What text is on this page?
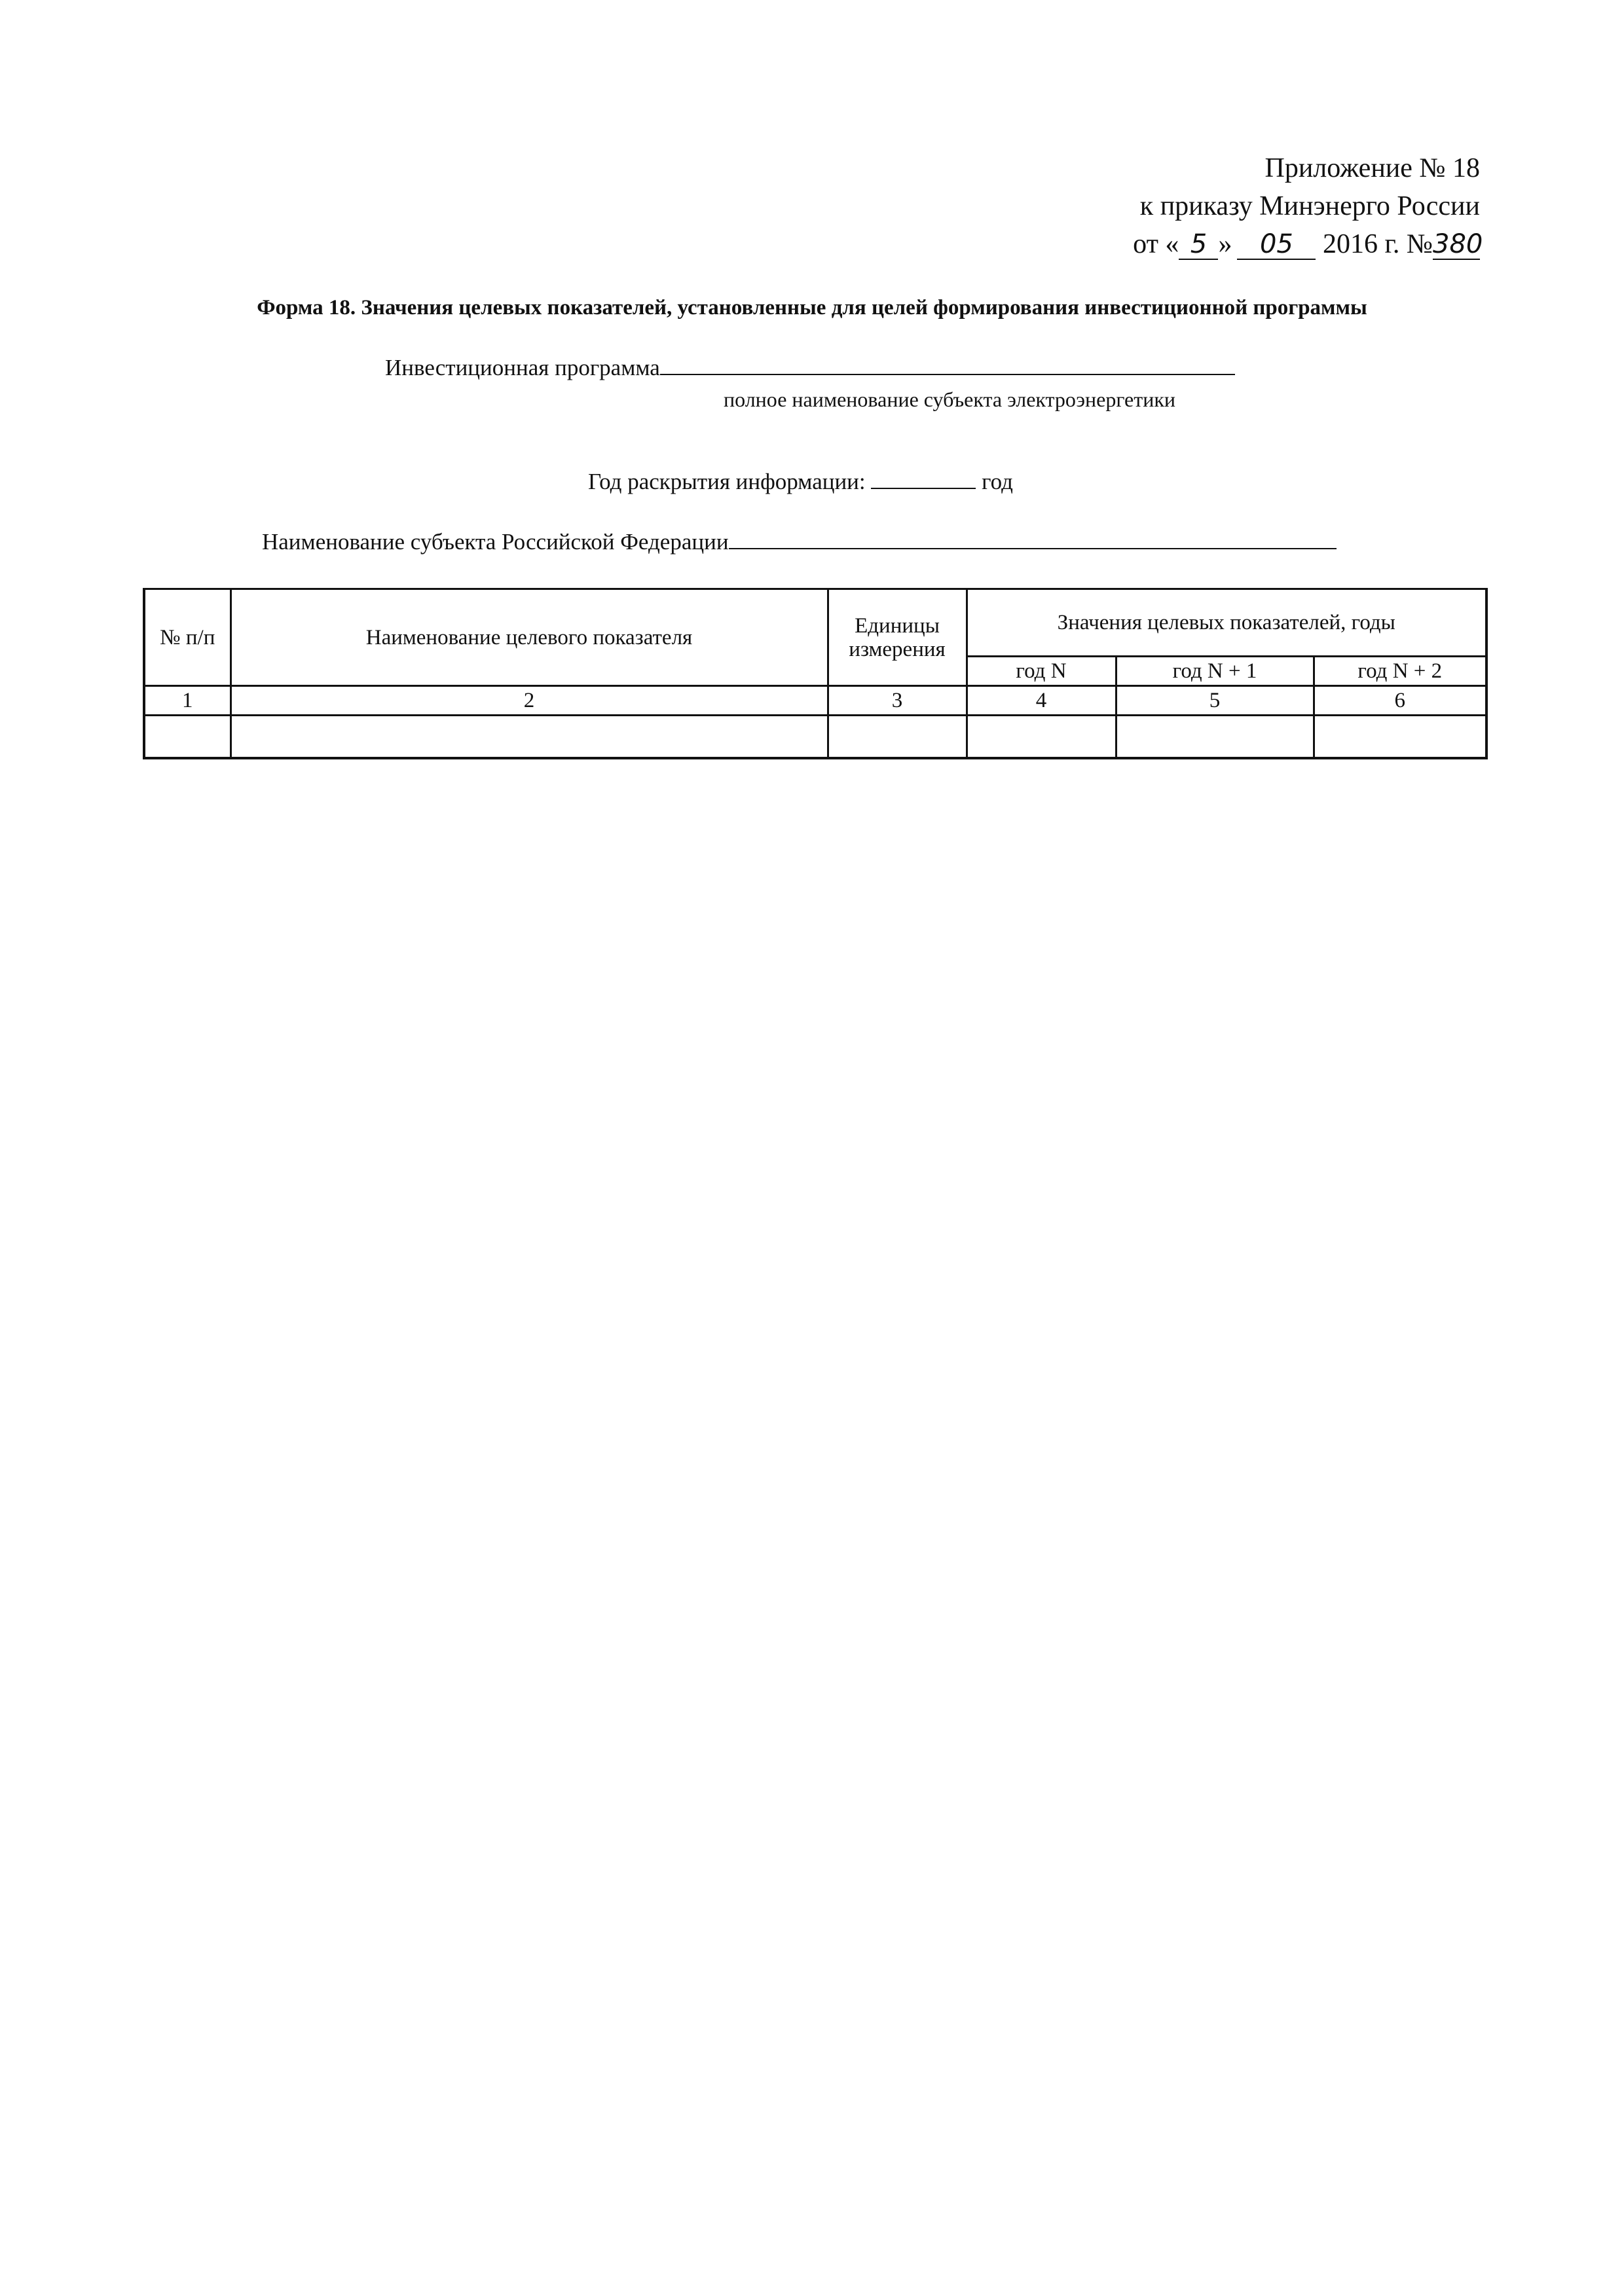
Приложение № 18
к приказу Минэнерго России
от « 5 » 05 2016 г. №380
Форма 18. Значения целевых показателей, установленные для целей формирования инвестиционной программы
Инвестиционная программа
полное наименование субъекта электроэнергетики
Год раскрытия информации:	год
Наименование субъекта Российской Федерации
№ п/п	Наименование целевого показателя	Единицы измерения	Значения целевых показателей, годы		
			год N	год N + 1	год N + 2
1	2	3	4	5	6
